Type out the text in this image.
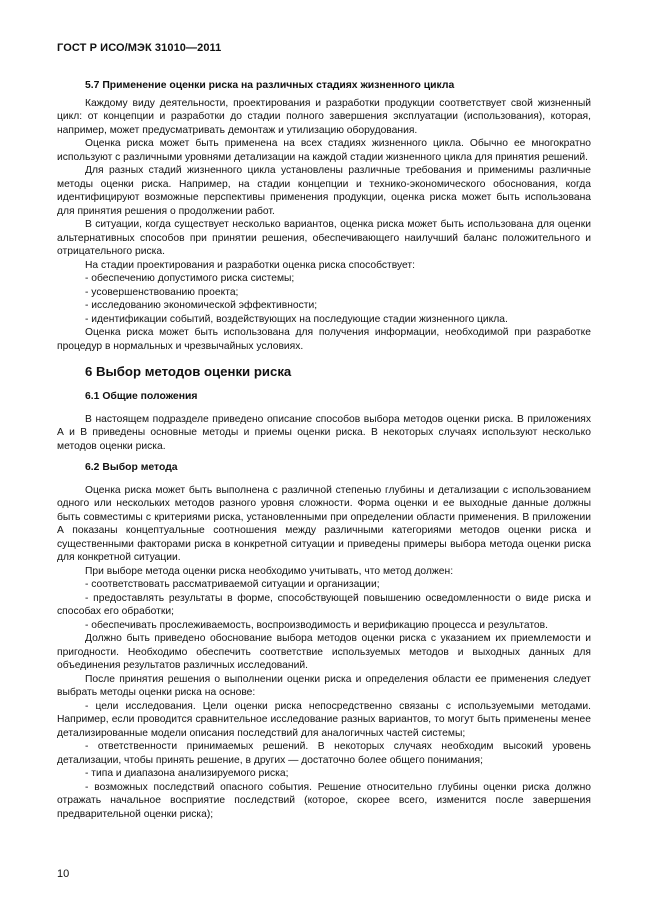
ГОСТ Р ИСО/МЭК 31010—2011
5.7 Применение оценки риска на различных стадиях жизненного цикла

Каждому виду деятельности, проектирования и разработки продукции соответствует свой жизненный цикл: от концепции и разработки до стадии полного завершения эксплуатации (использования), которая, например, может предусматривать демонтаж и утилизацию оборудования.

Оценка риска может быть применена на всех стадиях жизненного цикла. Обычно ее многократно используют с различными уровнями детализации на каждой стадии жизненного цикла для принятия решений.

Для разных стадий жизненного цикла установлены различные требования и применимы различные методы оценки риска. Например, на стадии концепции и технико-экономического обоснования, когда идентифицируют возможные перспективы применения продукции, оценка риска может быть использована для принятия решения о продолжении работ.

В ситуации, когда существует несколько вариантов, оценка риска может быть использована для оценки альтернативных способов при принятии решения, обеспечивающего наилучший баланс положительного и отрицательного риска.

На стадии проектирования и разработки оценка риска способствует:

- обеспечению допустимого риска системы;

- усовершенствованию проекта;

- исследованию экономической эффективности;

- идентификации событий, воздействующих на последующие стадии жизненного цикла.

Оценка риска может быть использована для получения информации, необходимой при разработке процедур в нормальных и чрезвычайных условиях.

6 Выбор методов оценки риска
6.1 Общие положения

В настоящем подразделе приведено описание способов выбора методов оценки риска. В приложениях А и В приведены основные методы и приемы оценки риска. В некоторых случаях используют несколько методов оценки риска.

6.2 Выбор метода

Оценка риска может быть выполнена с различной степенью глубины и детализации с использованием одного или нескольких методов разного уровня сложности. Форма оценки и ее выходные данные должны быть совместимы с критериями риска, установленными при определении области применения. В приложении А показаны концептуальные соотношения между различными категориями методов оценки риска и существенными факторами риска в конкретной ситуации и приведены примеры выбора метода оценки риска для конкретной ситуации.

При выборе метода оценки риска необходимо учитывать, что метод должен:

- соответствовать рассматриваемой ситуации и организации;

- предоставлять результаты в форме, способствующей повышению осведомленности о виде риска и способах его обработки;

- обеспечивать прослеживаемость, воспроизводимость и верификацию процесса и результатов.

Должно быть приведено обоснование выбора методов оценки риска с указанием их приемлемости и пригодности. Необходимо обеспечить соответствие используемых методов и выходных данных для объединения результатов различных исследований.

После принятия решения о выполнении оценки риска и определения области ее применения следует выбрать методы оценки риска на основе:

- цели исследования. Цели оценки риска непосредственно связаны с используемыми методами. Например, если проводится сравнительное исследование разных вариантов, то могут быть применены менее детализированные модели описания последствий для аналогичных частей системы;

- ответственности принимаемых решений. В некоторых случаях необходим высокий уровень детализации, чтобы принять решение, в других — достаточно более общего понимания;

- типа и диапазона анализируемого риска;

- возможных последствий опасного события. Решение относительно глубины оценки риска должно отражать начальное восприятие последствий (которое, скорее всего, изменится после завершения предварительной оценки риска);

10
